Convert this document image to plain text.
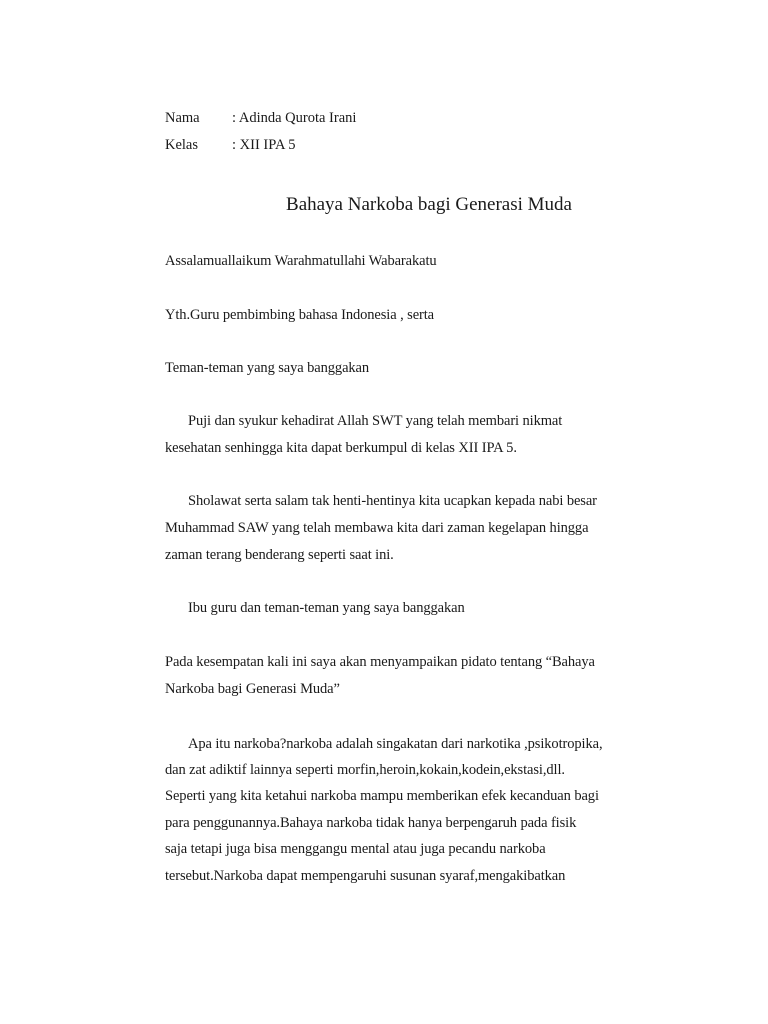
Nama : Adinda Qurota Irani
Kelas : XII IPA 5
Bahaya Narkoba bagi Generasi Muda
Assalamuallaikum Warahmatullahi Wabarakatu
Yth.Guru pembimbing bahasa Indonesia , serta
Teman-teman yang saya banggakan
Puji dan syukur kehadirat Allah SWT yang telah membari nikmat
kesehatan senhingga kita dapat berkumpul di kelas XII IPA 5.
Sholawat serta salam tak henti-hentinya kita ucapkan kepada nabi besar
Muhammad SAW yang telah membawa kita dari zaman kegelapan hingga
zaman terang benderang seperti saat ini.
Ibu guru dan teman-teman yang saya banggakan
Pada kesempatan kali ini saya akan menyampaikan pidato tentang “Bahaya
Narkoba bagi Generasi Muda”
Apa itu narkoba?narkoba adalah singakatan dari narkotika ,psikotropika,
dan zat adiktif lainnya seperti morfin,heroin,kokain,kodein,ekstasi,dll.
Seperti yang kita ketahui narkoba mampu memberikan efek kecanduan bagi
para penggunannya.Bahaya narkoba tidak hanya berpengaruh pada fisik
saja tetapi juga bisa menggangu mental atau juga pecandu narkoba
tersebut.Narkoba dapat mempengaruhi susunan syaraf,mengakibatkan
